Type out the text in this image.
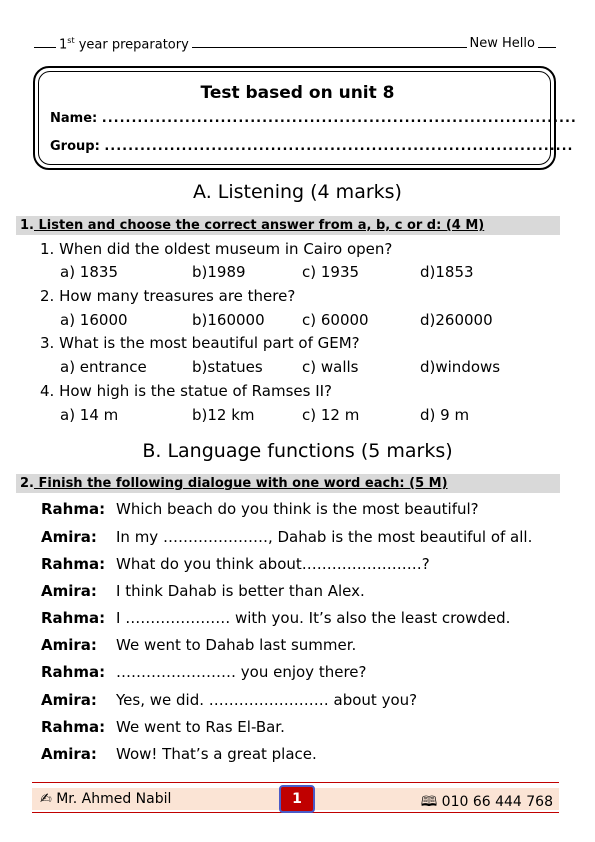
1st year preparatory	New Hello
Test based on unit 8
Name: ................................................................................
Group: ...............................................................................
A. Listening (4 marks)
1. Listen and choose the correct answer from a, b, c or d: (4 M)
1. When did the oldest museum in Cairo open?
a) 1835	b)1989	c) 1935	d)1853
2. How many treasures are there?
a) 16000	b)160000 c) 60000	d)260000
3. What is the most beautiful part of GEM?
a) entrance	b)statues	c) walls	d)windows
4. How high is the statue of Ramses II?
a) 14 m	b)12 km	c) 12 m	d) 9 m
B. Language functions (5 marks)
2. Finish the following dialogue with one word each: (5 M)
Rahma: Which beach do you think is the most beautiful?
Amira: In my …………………, Dahab is the most beautiful of all.
Rahma: What do you think about……………………?
Amira: I think Dahab is better than Alex.
Rahma: I ………………… with you. It’s also the least crowded.
Amira: We went to Dahab last summer.
Rahma: …………………… you enjoy there?
Amira: Yes, we did. …………………… about you?
Rahma: We went to Ras El-Bar.
Amira: Wow! That’s a great place.
✍ Mr. Ahmed Nabil	1	🕮 010 66 444 768
